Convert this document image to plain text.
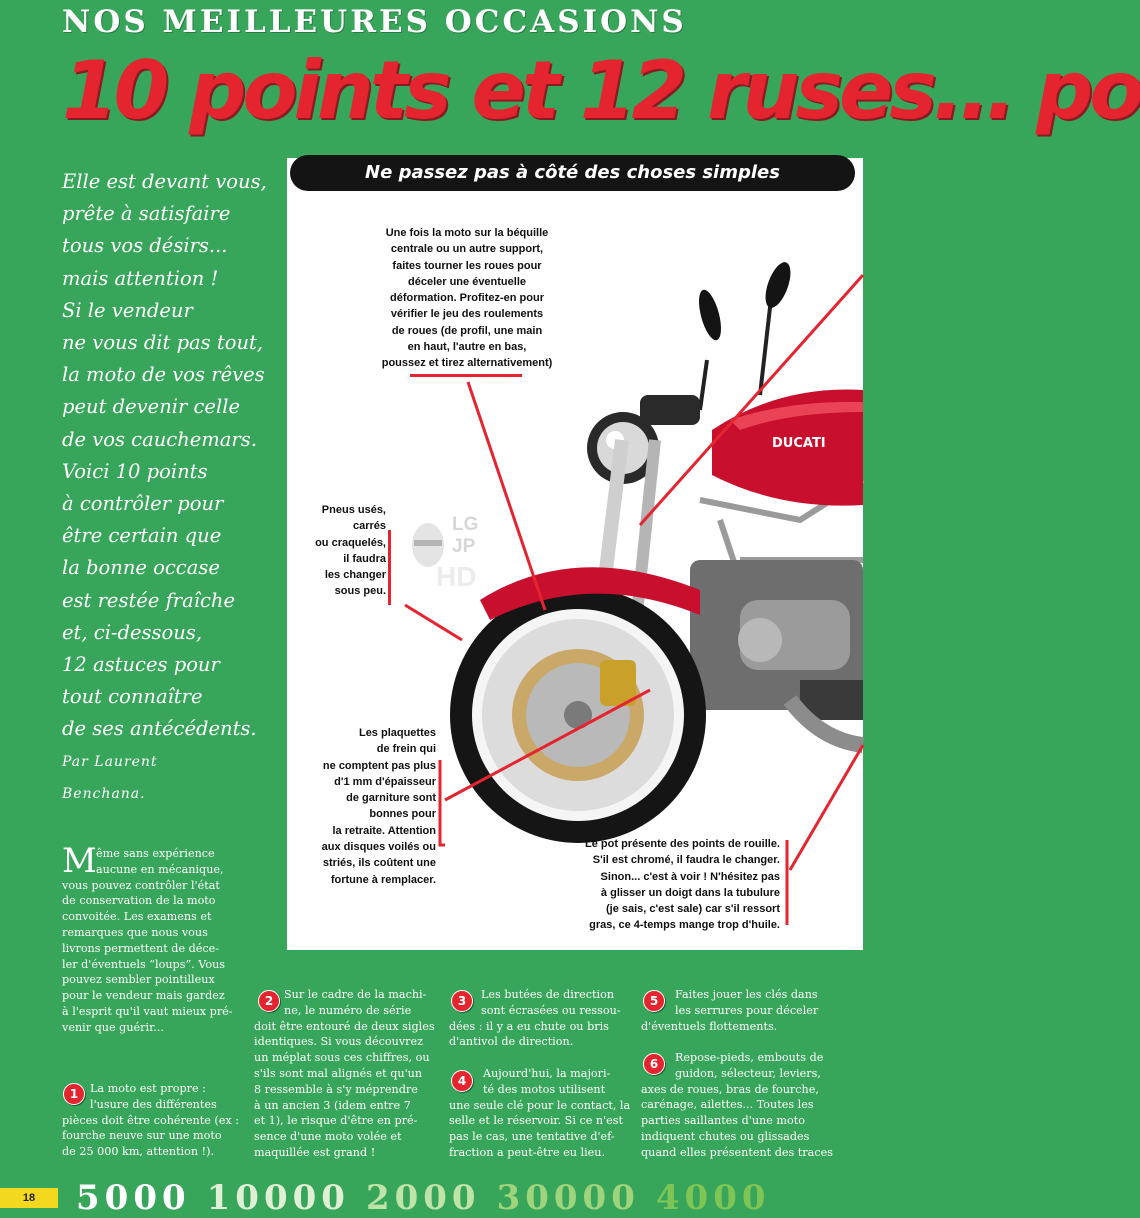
NOS MEILLEURES OCCASIONS
10 points et 12 ruses... po
Elle est devant vous,
prête à satisfaire
tous vos désirs...
mais attention !
Si le vendeur
ne vous dit pas tout,
la moto de vos rêves
peut devenir celle
de vos cauchemars.
Voici 10 points
à contrôler pour
être certain que
la bonne occase
est restée fraîche
et, ci-dessous,
12 astuces pour
tout connaître
de ses antécédents.
Par Laurent
Benchana.
DUCATI
Ne passez pas à côté des choses simples
LG
JP
HD
Une fois la moto sur la béquille
centrale ou un autre support,
faites tourner les roues pour
déceler une éventuelle
déformation. Profitez-en pour
vérifier le jeu des roulements
de roues (de profil, une main
en haut, l'autre en bas,
poussez et tirez alternativement)
Pneus usés,
carrés
ou craquelés,
il faudra
les changer
sous peu.
Les plaquettes
de frein qui
ne comptent pas plus
d'1 mm d'épaisseur
de garniture sont
bonnes pour
la retraite. Attention
aux disques voilés ou
striés, ils coûtent une
fortune à remplacer.
Le pot présente des points de rouille.
S'il est chromé, il faudra le changer.
Sinon... c'est à voir ! N'hésitez pas
à glisser un doigt dans la tubulure
(je sais, c'est sale) car s'il ressort
gras, ce 4-temps mange trop d'huile.
M ême sans expérience
aucune en mécanique,
vous pouvez contrôler l'état
de conservation de la moto
convoitée. Les examens et
remarques que nous vous
livrons permettent de déce-
ler d'éventuels “loups”. Vous
pouvez sembler pointilleux
pour le vendeur mais gardez
à l'esprit qu'il vaut mieux pré-
venir que guérir...
1	La moto est propre :
l'usure des différentes
pièces doit être cohérente (ex :
fourche neuve sur une moto
de 25 000 km, attention !).
2 Sur le cadre de la machi-
ne, le numéro de série
doit être entouré de deux sigles
identiques. Si vous découvrez
un méplat sous ces chiffres, ou
s'ils sont mal alignés et qu'un
8 ressemble à s'y méprendre
à un ancien 3 (idem entre 7
et 1), le risque d'être en pré-
sence d'une moto volée et
maquillée est grand !
3	Les butées de direction
sont écrasées ou ressou-
dées : il y a eu chute ou bris
d'antivol de direction.
4
Aujourd'hui, la majori-
té des motos utilisent
une seule clé pour le contact, la
selle et le réservoir. Si ce n'est
pas le cas, une tentative d'ef-
fraction a peut-être eu lieu.
5	Faites jouer les clés dans
les serrures pour déceler
d'éventuels flottements.
6	Repose-pieds, embouts de
guidon, sélecteur, leviers,
axes de roues, bras de fourche,
carénage, ailettes... Toutes les
parties saillantes d'une moto
indiquent chutes ou glissades
quand elles présentent des traces
18	5000 10000 2000 30000 4000
